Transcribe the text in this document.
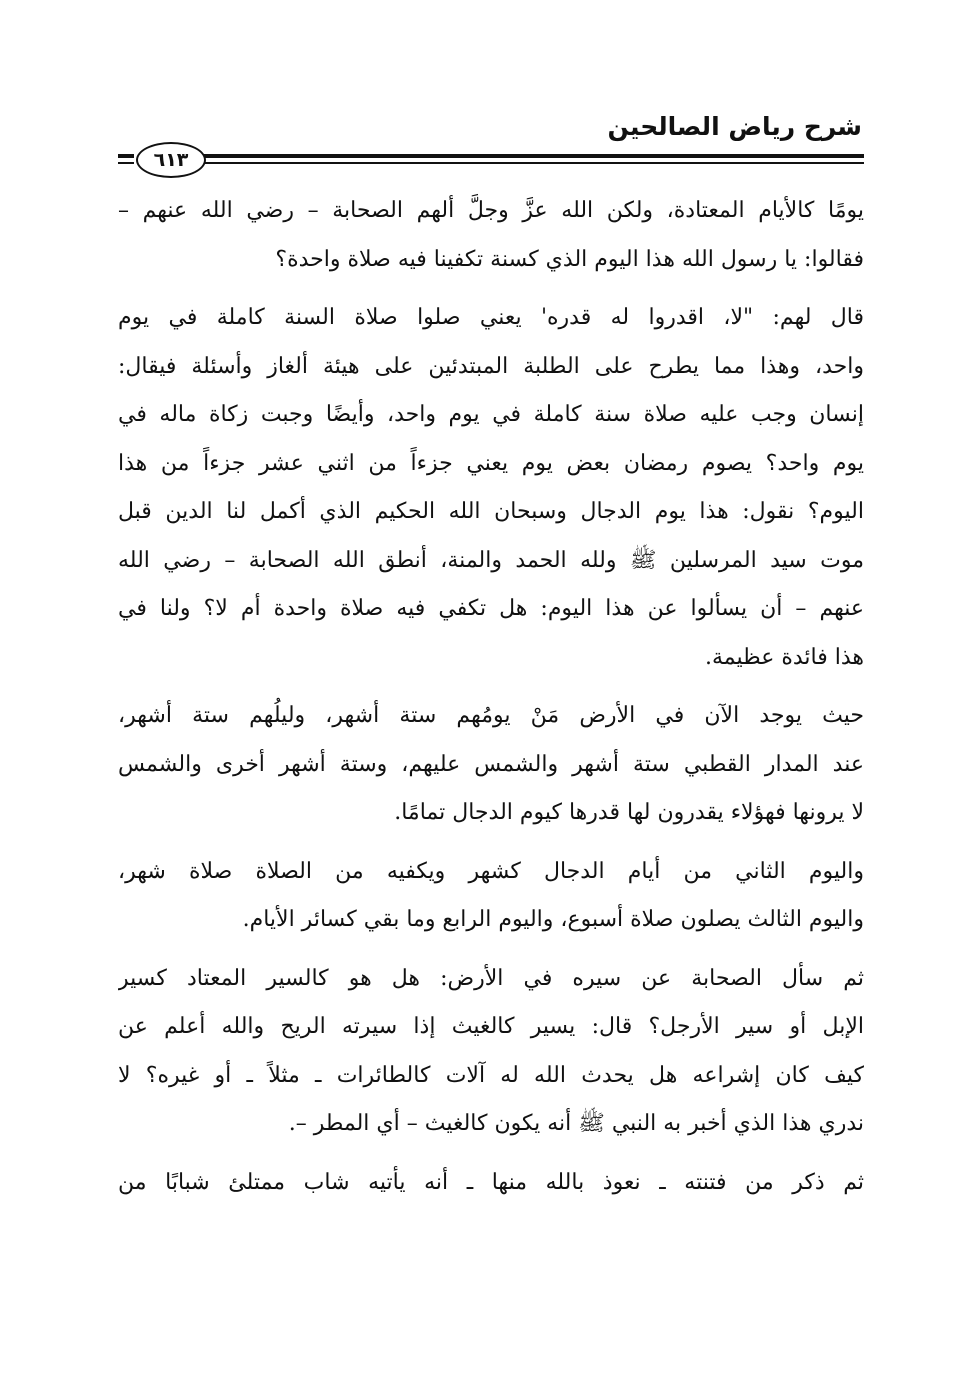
شرح رياض الصالحين
٦١٣
يومًا كالأيام المعتادة، ولكن الله عزَّ وجلَّ ألهم الصحابة – رضي الله عنهم –
فقالوا: يا رسول الله هذا اليوم الذي كسنة تكفينا فيه صلاة واحدة؟
قال لهم: "لا، اقدروا له قدره' يعني صلوا صلاة السنة كاملة في يوم
واحد، وهذا مما يطرح على الطلبة المبتدئين على هيئة ألغاز وأسئلة فيقال:
إنسان وجب عليه صلاة سنة كاملة في يوم واحد، وأيضًا وجبت زكاة ماله في
يوم واحد؟ يصوم رمضان بعض يوم يعني جزءاً من اثني عشر جزءاً من هذا
اليوم؟ نقول: هذا يوم الدجال وسبحان الله الحكيم الذي أكمل لنا الدين قبل
موت سيد المرسلين ﷺ ولله الحمد والمنة، أنطق الله الصحابة – رضي الله
عنهم – أن يسألوا عن هذا اليوم: هل تكفي فيه صلاة واحدة أم لا؟ ولنا في
هذا فائدة عظيمة.
حيث يوجد الآن في الأرض مَنْ يومُهم ستة أشهر، وليلُهم ستة أشهر،
عند المدار القطبي ستة أشهر والشمس عليهم، وستة أشهر أخرى والشمس
لا يرونها فهؤلاء يقدرون لها قدرها كيوم الدجال تمامًا.
واليوم الثاني من أيام الدجال كشهر ويكفيه من الصلاة صلاة شهر،
واليوم الثالث يصلون صلاة أسبوع، واليوم الرابع وما بقي كسائر الأيام.
ثم سأل الصحابة عن سيره في الأرض: هل هو كالسير المعتاد كسير
الإبل أو سير الأرجل؟ قال: يسير كالغيث إذا سيرته الريح والله أعلم عن
كيف كان إشراعه هل يحدث الله له آلات كالطائرات ـ مثلاً ـ أو غيره؟ لا
ندري هذا الذي أخبر به النبي ﷺ أنه يكون كالغيث – أي المطر –.
ثم ذكر من فتنته ـ نعوذ بالله منها ـ أنه يأتيه شاب ممتلئ شبابًا من
